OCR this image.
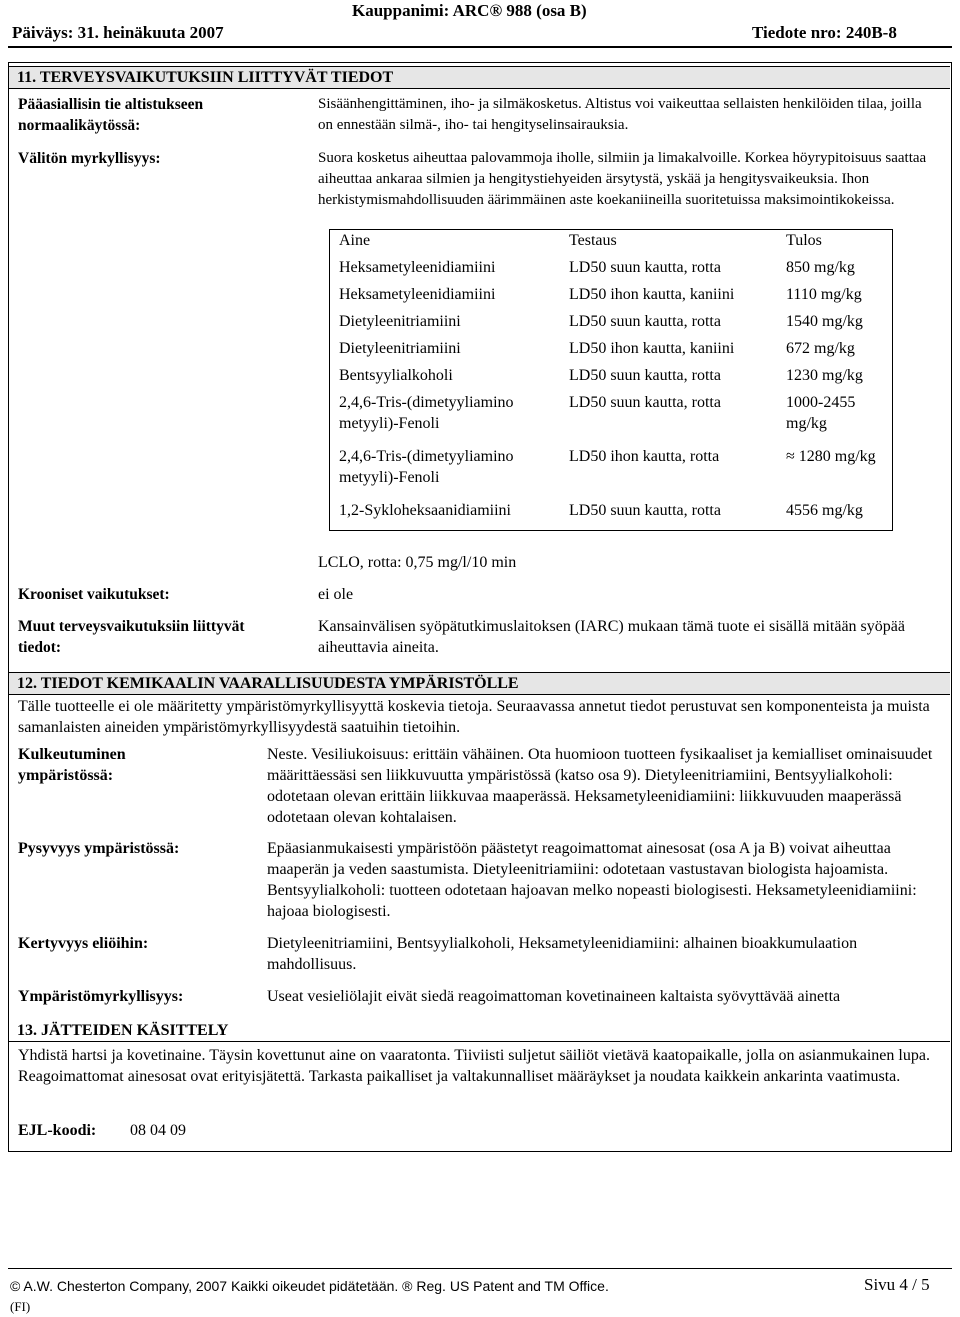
Kauppanimi: ARC® 988 (osa B)
Päiväys: 31. heinäkuuta 2007	Tiedote nro: 240B-8
11. TERVEYSVAIKUTUKSIIN LIITTYVÄT TIEDOT
Pääasiallisin tie altistukseen normaalikäytössä:
Sisäänhengittäminen, iho- ja silmäkosketus. Altistus voi vaikeuttaa sellaisten henkilöiden tilaa, joilla on ennestään silmä-, iho- tai hengityselinsairauksia.
Välitön myrkyllisyys:	Suora kosketus aiheuttaa palovammoja iholle, silmiin ja limakalvoille. Korkea höyrypitoisuus saattaa aiheuttaa ankaraa silmien ja hengitystiehyeiden ärsytystä, yskää ja hengitysvaikeuksia. Ihon herkistymismahdollisuuden äärimmäinen aste koekaniineilla suoritetuissa maksimointikokeissa.
Aine	Testaus	Tulos
Heksametyleenidiamiini	LD50 suun kautta, rotta	850 mg/kg
Heksametyleenidiamiini	LD50 ihon kautta, kaniini	1110 mg/kg
Dietyleenitriamiini	LD50 suun kautta, rotta	1540 mg/kg
Dietyleenitriamiini	LD50 ihon kautta, kaniini	672 mg/kg
Bentsyylialkoholi	LD50 suun kautta, rotta	1230 mg/kg
2,4,6-Tris-(dimetyyliamino metyyli)-Fenoli	LD50 suun kautta, rotta	1000-2455 mg/kg
2,4,6-Tris-(dimetyyliamino metyyli)-Fenoli	LD50 ihon kautta, rotta	≈ 1280 mg/kg
1,2-Sykloheksaanidiamiini	LD50 suun kautta, rotta	4556 mg/kg
LCLO, rotta: 0,75 mg/l/10 min
Krooniset vaikutukset:	ei ole
Muut terveysvaikutuksiin liittyvät tiedot:
Kansainvälisen syöpätutkimuslaitoksen (IARC) mukaan tämä tuote ei sisällä mitään syöpää aiheuttavia aineita.
12. TIEDOT KEMIKAALIN VAARALLISUUDESTA YMPÄRISTÖLLE
Tälle tuotteelle ei ole määritetty ympäristömyrkyllisyyttä koskevia tietoja. Seuraavassa annetut tiedot perustuvat sen komponenteista ja muista samanlaisten aineiden ympäristömyrkyllisyydestä saatuihin tietoihin.
Kulkeutuminen ympäristössä:
Neste. Vesiliukoisuus: erittäin vähäinen. Ota huomioon tuotteen fysikaaliset ja kemialliset ominaisuudet määrittäessäsi sen liikkuvuutta ympäristössä (katso osa 9). Dietyleenitriamiini, Bentsyylialkoholi: odotetaan olevan erittäin liikkuvaa maaperässä. Heksametyleenidiamiini: liikkuvuuden maaperässä odotetaan olevan kohtalaisen.
Pysyvyys ympäristössä:	Epäasianmukaisesti ympäristöön päästetyt reagoimattomat ainesosat (osa A ja B) voivat aiheuttaa maaperän ja veden saastumista. Dietyleenitriamiini: odotetaan vastustavan biologista hajoamista. Bentsyylialkoholi: tuotteen odotetaan hajoavan melko nopeasti biologisesti. Heksametyleenidiamiini: hajoaa biologisesti.
Kertyvyys eliöihin:	Dietyleenitriamiini, Bentsyylialkoholi, Heksametyleenidiamiini: alhainen bioakkumulaation mahdollisuus.
Ympäristömyrkyllisyys:	Useat vesieliölajit eivät siedä reagoimattoman kovetinaineen kaltaista syövyttävää ainetta
13. JÄTTEIDEN KÄSITTELY
Yhdistä hartsi ja kovetinaine. Täysin kovettunut aine on vaaratonta. Tiiviisti suljetut säiliöt vietävä kaatopaikalle, jolla on asianmukainen lupa. Reagoimattomat ainesosat ovat erityisjätettä. Tarkasta paikalliset ja valtakunnalliset määräykset ja noudata kaikkein ankarinta vaatimusta.
EJL-koodi: 08 04 09
© A.W. Chesterton Company, 2007 Kaikki oikeudet pidätetään. ® Reg. US Patent and TM Office.	Sivu 4 / 5
(FI)
